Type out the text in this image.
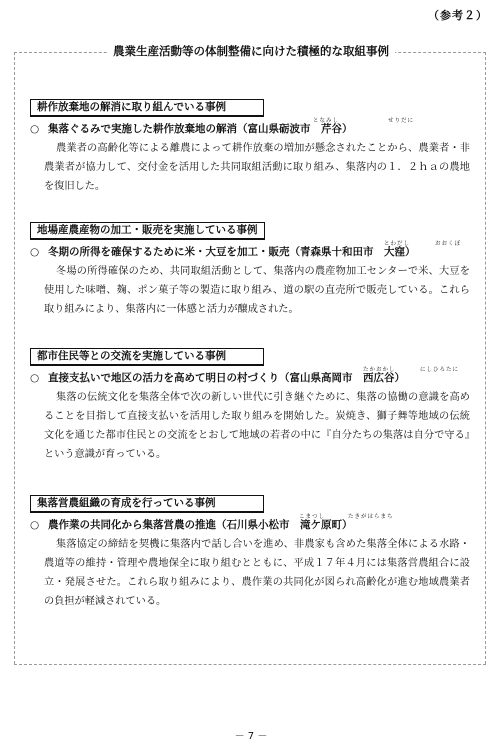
（参考２）
農業生産活動等の体制整備に向けた積極的な取組事例
耕作放棄地の解消に取り組んでいる事例
○ 集落ぐるみで実施した耕作放棄地の解消（富山県砺波市　芹谷）
となみし	せりだに

農業者の高齢化等による離農によって耕作放棄の増加が懸念されたことから、農業者・非農業者が協力して、交付金を活用した共同取組活動に取り組み、集落内の１．２ｈａの農地を復旧した。

地場産農産物の加工・販売を実施している事例
○ 冬期の所得を確保するために米・大豆を加工・販売（青森県十和田市　大窪）
とわだし	おおくぼ

冬場の所得確保のため、共同取組活動として、集落内の農産物加工センターで米、大豆を使用した味噌、麹、ポン菓子等の製造に取り組み、道の駅の直売所で販売している。これら取り組みにより、集落内に一体感と活力が醸成された。

都市住民等との交流を実施している事例
○ 直接支払いで地区の活力を高めて明日の村づくり（富山県高岡市　西広谷）
たかおかし	にしひろたに

集落の伝統文化を集落全体で次の新しい世代に引き継ぐために、集落の協働の意識を高めることを目指して直接支払いを活用した取り組みを開始した。炭焼き、獅子舞等地域の伝統文化を通じた都市住民との交流をとおして地域の若者の中に『自分たちの集落は自分で守る』という意識が育っている。

集落営農組織の育成を行っている事例
○ 農作業の共同化から集落営農の推進（石川県小松市　滝ケ原町）
こまつし	たきがはらまち

集落協定の締結を契機に集落内で話し合いを進め、非農家も含めた集落全体による水路・農道等の維持・管理や農地保全に取り組むとともに、平成１７年４月には集落営農組合に設立・発展させた。これら取り組みにより、農作業の共同化が図られ高齢化が進む地域農業者の負担が軽減されている。

－ 7 －
